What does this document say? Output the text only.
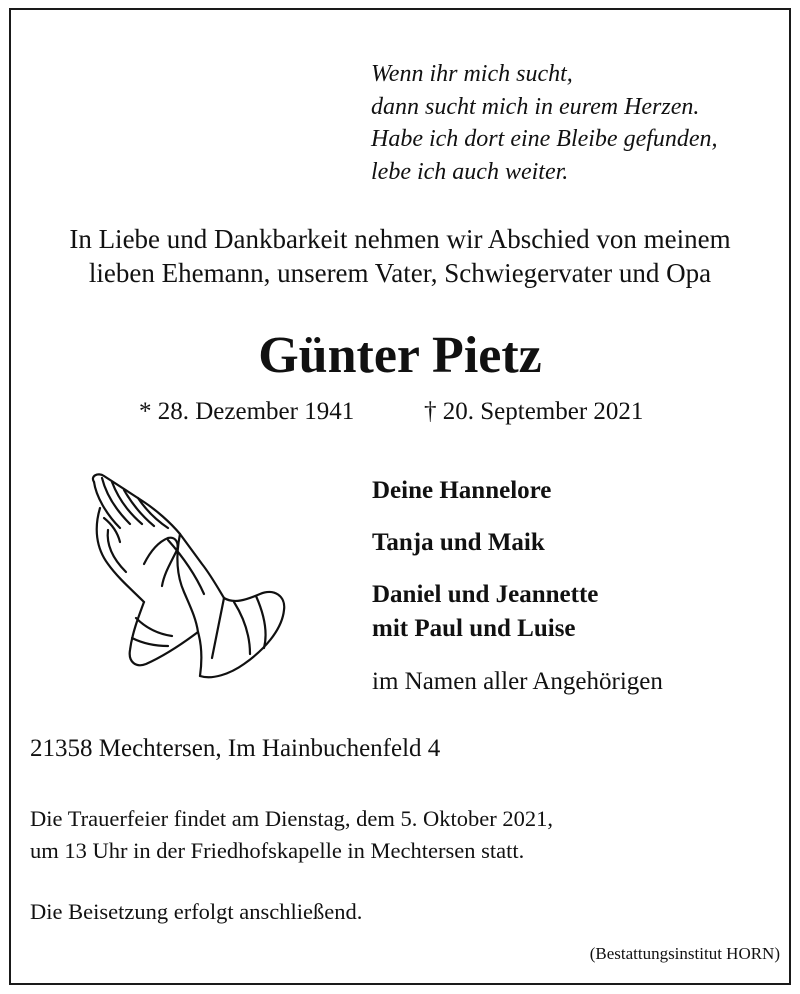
Wenn ihr mich sucht,
dann sucht mich in eurem Herzen.
Habe ich dort eine Bleibe gefunden,
lebe ich auch weiter.
In Liebe und Dankbarkeit nehmen wir Abschied von meinem
lieben Ehemann, unserem Vater, Schwiegervater und Opa
Günter Pietz
* 28. Dezember 1941	† 20. September 2021
Deine Hannelore
Tanja und Maik
Daniel und Jeannette
mit Paul und Luise
im Namen aller Angehörigen
21358 Mechtersen, Im Hainbuchenfeld 4
Die Trauerfeier findet am Dienstag, dem 5. Oktober 2021,
um 13 Uhr in der Friedhofskapelle in Mechtersen statt.
Die Beisetzung erfolgt anschließend.
(Bestattungsinstitut HORN)
